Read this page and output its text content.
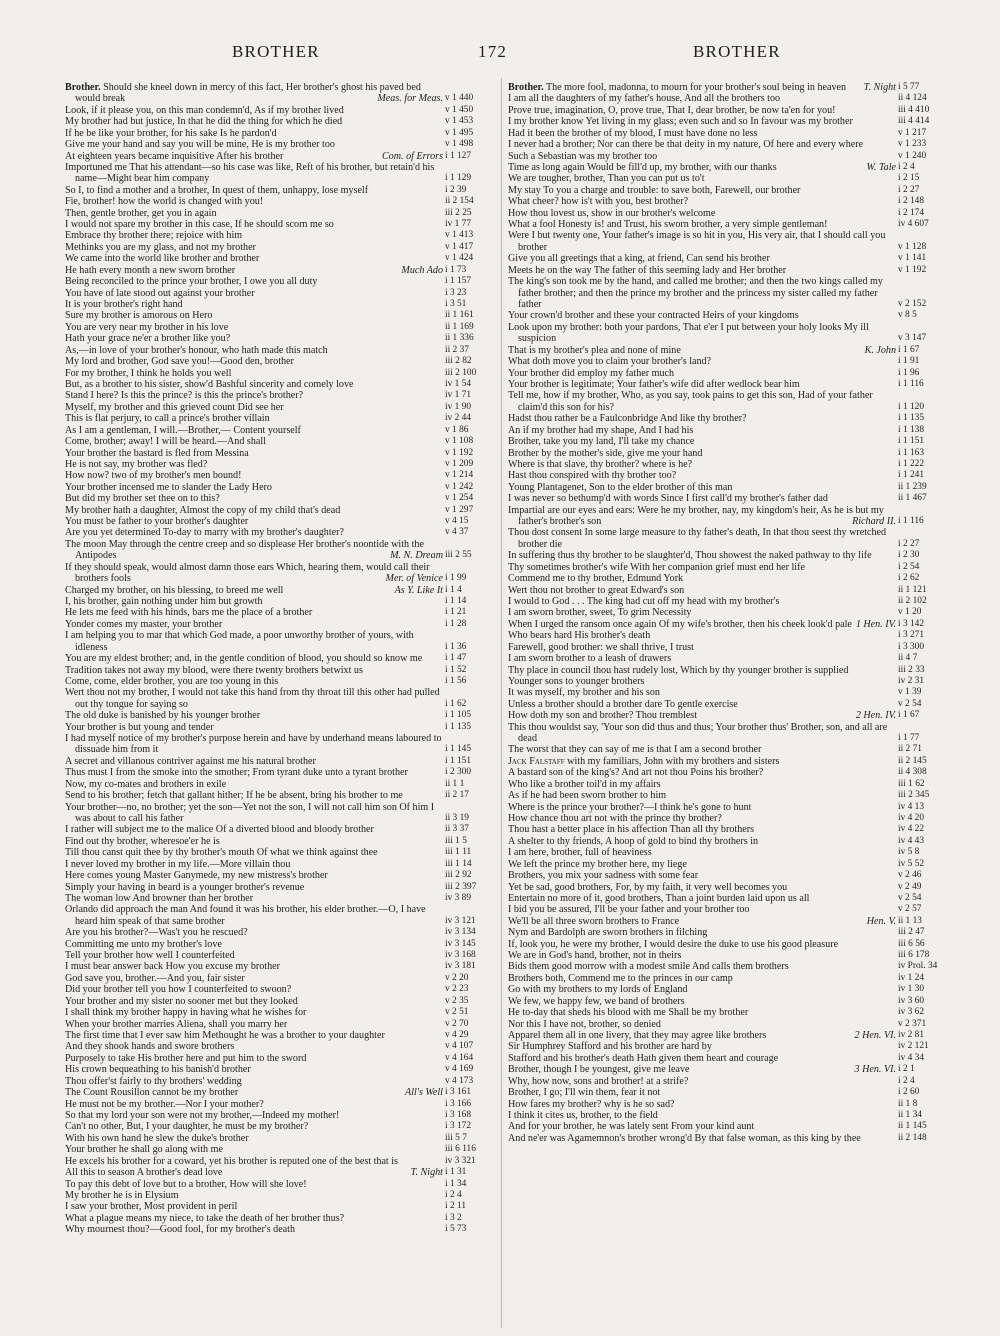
BROTHER	172	BROTHER
Brother. Should she kneel down in mercy of this fact, Her brother's ghost his paved bed would break	Meas. for Meas. v 1 440
Look, if it please you, on this man condemn'd, As if my brother lived	v 1 450
My brother had but justice, In that he did the thing for which he died	v 1 453
If he be like your brother, for his sake Is he pardon'd	v 1 495
Give me your hand and say you will be mine, He is my brother too	v 1 498
At eighteen years became inquisitive After his brother	Com. of Errors i 1 127
Importuned me That his attendant—so his case was like, Reft of his brother, but retain'd his name—Might bear him company	i 1 129
So I, to find a mother and a brother, In quest of them, unhappy, lose myself	i 2 39
Fie, brother! how the world is changed with you!	ii 2 154
Then, gentle brother, get you in again	iii 2 25
I would not spare my brother in this case, If he should scorn me so	iv 1 77
Embrace thy brother there; rejoice with him	v 1 413
Methinks you are my glass, and not my brother	v 1 417
We came into the world like brother and brother	v 1 424
He hath every month a new sworn brother	Much Ado i 1 73
Being reconciled to the prince your brother, I owe you all duty	i 1 157
You have of late stood out against your brother	i 3 23
It is your brother's right hand	i 3 51
Sure my brother is amorous on Hero	ii 1 161
You are very near my brother in his love	ii 1 169
Hath your grace ne'er a brother like you?	ii 1 336
As,—in love of your brother's honour, who hath made this match	ii 2 37
My lord and brother, God save you!—Good den, brother	iii 2 82
For my brother, I think he holds you well	iii 2 100
But, as a brother to his sister, show'd Bashful sincerity and comely love	iv 1 54
Stand I here? Is this the prince? is this the prince's brother?	iv 1 71
Myself, my brother and this grieved count Did see her	iv 1 90
This is flat perjury, to call a prince's brother villain	iv 2 44
As I am a gentleman, I will.—Brother,— Content yourself	v 1 86
Come, brother; away! I will be heard.—And shall	v 1 108
Your brother the bastard is fled from Messina	v 1 192
He is not say, my brother was fled?	v 1 209
How now? two of my brother's men bound!	v 1 214
Your brother incensed me to slander the Lady Hero	v 1 242
But did my brother set thee on to this?	v 1 254
My brother hath a daughter, Almost the copy of my child that's dead	v 1 297
You must be father to your brother's daughter	v 4 15
Are you yet determined To-day to marry with my brother's daughter?	v 4 37
The moon May through the centre creep and so displease Her brother's noontide with the Antipodes	M. N. Dream iii 2 55
If they should speak, would almost damn those ears Which, hearing them, would call their brothers fools	Mer. of Venice i 1 99
Charged my brother, on his blessing, to breed me well	As Y. Like It i 1 4
I, his brother, gain nothing under him but growth	i 1 14
He lets me feed with his hinds, bars me the place of a brother	i 1 21
Yonder comes my master, your brother	i 1 28
I am helping you to mar that which God made, a poor unworthy brother of yours, with idleness	i 1 36
You are my eldest brother; and, in the gentle condition of blood, you should so know me	i 1 47
Tradition takes not away my blood, were there twenty brothers betwixt us	i 1 52
Come, come, elder brother, you are too young in this	i 1 56
Wert thou not my brother, I would not take this hand from thy throat till this other had pulled out thy tongue for saying so	i 1 62
The old duke is banished by his younger brother	i 1 105
Your brother is but young and tender	i 1 135
I had myself notice of my brother's purpose herein and have by underhand means laboured to dissuade him from it	i 1 145
A secret and villanous contriver against me his natural brother	i 1 151
Thus must I from the smoke into the smother; From tyrant duke unto a tyrant brother	i 2 300
Now, my co-mates and brothers in exile	ii 1 1
Send to his brother; fetch that gallant hither; If he be absent, bring his brother to me	ii 2 17
Your brother—no, no brother; yet the son—Yet not the son, I will not call him son Of him I was about to call his father	ii 3 19
I rather will subject me to the malice Of a diverted blood and bloody brother	ii 3 37
Find out thy brother, wheresoe'er he is	iii 1 5
Till thou canst quit thee by thy brother's mouth Of what we think against thee	iii 1 11
I never loved my brother in my life.—More villain thou	iii 1 14
Here comes young Master Ganymede, my new mistress's brother	iii 2 92
Simply your having in beard is a younger brother's revenue	iii 2 397
The woman low And browner than her brother	iv 3 89
Orlando did approach the man And found it was his brother, his elder brother.—O, I have heard him speak of that same brother	iv 3 121
Are you his brother?—Was't you he rescued?	iv 3 134
Committing me unto my brother's love	iv 3 145
Tell your brother how well I counterfeited	iv 3 168
I must bear answer back How you excuse my brother	iv 3 181
God save you, brother.—And you, fair sister	v 2 20
Did your brother tell you how I counterfeited to swoon?	v 2 23
Your brother and my sister no sooner met but they looked	v 2 35
I shall think my brother happy in having what he wishes for	v 2 51
When your brother marries Aliena, shall you marry her	v 2 70
The first time that I ever saw him Methought he was a brother to your daughter	v 4 29
And they shook hands and swore brothers	v 4 107
Purposely to take His brother here and put him to the sword	v 4 164
His crown bequeathing to his banish'd brother	v 4 169
Thou offer'st fairly to thy brothers' wedding	v 4 173
The Count Rousillon cannot be my brother	All's Well i 3 161
He must not be my brother.—Nor I your mother?	i 3 166
So that my lord your son were not my brother,—Indeed my mother!	i 3 168
Can't no other, But, I your daughter, he must be my brother?	i 3 172
With his own hand he slew the duke's brother	iii 5 7
Your brother he shall go along with me	iii 6 116
He excels his brother for a coward, yet his brother is reputed one of the best that is	iv 3 321
All this to season A brother's dead love	T. Night i 1 31
To pay this debt of love but to a brother, How will she love!	i 1 34
My brother he is in Elysium	i 2 4
I saw your brother, Most provident in peril	i 2 11
What a plague means my niece, to take the death of her brother thus?	i 3 2
Why mournest thou?—Good fool, for my brother's death	i 5 73
Brother. The more fool, madonna, to mourn for your brother's soul being in heaven	T. Night i 5 77
I am all the daughters of my father's house, And all the brothers too	ii 4 124
Prove true, imagination, O, prove true, That I, dear brother, be now ta'en for you!	iii 4 410
I my brother know Yet living in my glass; even such and so In favour was my brother	iii 4 414
Had it been the brother of my blood, I must have done no less	v 1 217
I never had a brother; Nor can there be that deity in my nature, Of here and every where	v 1 233
Such a Sebastian was my brother too	v 1 240
Time as long again Would be fill'd up, my brother, with our thanks	W. Tale i 2 4
We are tougher, brother, Than you can put us to't	i 2 15
My stay To you a charge and trouble: to save both, Farewell, our brother	i 2 27
What cheer? how is't with you, best brother?	i 2 148
How thou lovest us, show in our brother's welcome	i 2 174
What a fool Honesty is! and Trust, his sworn brother, a very simple gentleman!	iv 4 607
Were I but twenty one, Your father's image is so hit in you, His very air, that I should call you brother	v 1 128
Give you all greetings that a king, at friend, Can send his brother	v 1 141
Meets he on the way The father of this seeming lady and Her brother	v 1 192
The king's son took me by the hand, and called me brother; and then the two kings called my father brother; and then the prince my brother and the princess my sister called my father father	v 2 152
Your crown'd brother and these your contracted Heirs of your kingdoms	v 8 5
Look upon my brother: both your pardons, That e'er I put between your holy looks My ill suspicion	v 3 147
That is my brother's plea and none of mine	K. John i 1 67
What doth move you to claim your brother's land?	i 1 91
Your brother did employ my father much	i 1 96
Your brother is legitimate; Your father's wife did after wedlock bear him	i 1 116
Tell me, how if my brother, Who, as you say, took pains to get this son, Had of your father claim'd this son for his?	i 1 120
Hadst thou rather be a Faulconbridge And like thy brother?	i 1 135
An if my brother had my shape, And I had his	i 1 138
Brother, take you my land, I'll take my chance	i 1 151
Brother by the mother's side, give me your hand	i 1 163
Where is that slave, thy brother? where is he?	i 1 222
Hast thou conspired with thy brother too?	i 1 241
Young Plantagenet, Son to the elder brother of this man	ii 1 239
I was never so bethump'd with words Since I first call'd my brother's father dad	ii 1 467
Impartial are our eyes and ears: Were he my brother, nay, my kingdom's heir, As he is but my father's brother's son	Richard II. i 1 116
Thou dost consent In some large measure to thy father's death, In that thou seest thy wretched brother die	i 2 27
In suffering thus thy brother to be slaughter'd, Thou showest the naked pathway to thy life	i 2 30
Thy sometimes brother's wife With her companion grief must end her life	i 2 54
Commend me to thy brother, Edmund York	i 2 62
Wert thou not brother to great Edward's son	ii 1 121
I would to God . . . The king had cut off my head with my brother's	ii 2 102
I am sworn brother, sweet, To grim Necessity	v 1 20
When I urged the ransom once again Of my wife's brother, then his cheek look'd pale 1 Hen. IV. i 3 142
Who bears hard His brother's death	i 3 271
Farewell, good brother: we shall thrive, I trust	i 3 300
I am sworn brother to a leash of drawers	ii 4 7
Thy place in council thou hast rudely lost, Which by thy younger brother is supplied	iii 2 33
Younger sons to younger brothers	iv 2 31
It was myself, my brother and his son	v 1 39
Unless a brother should a brother dare To gentle exercise	v 2 54
How doth my son and brother? Thou tremblest	2 Hen. IV. i 1 67
This thou wouldst say, 'Your son did thus and thus; Your brother thus' Brother, son, and all are dead	i 1 77
The worst that they can say of me is that I am a second brother	ii 2 71
Jack Falstaff with my familiars, John with my brothers and sisters	ii 2 145
A bastard son of the king's? And art not thou Poins his brother?	ii 4 308
Who like a brother toil'd in my affairs	iii 1 62
As if he had been sworn brother to him	iii 2 345
Where is the prince your brother?—I think he's gone to hunt	iv 4 13
How chance thou art not with the prince thy brother?	iv 4 20
Thou hast a better place in his affection Than all thy brothers	iv 4 22
A shelter to thy friends, A hoop of gold to bind thy brothers in	iv 4 43
I am here, brother, full of heaviness	iv 5 8
We left the prince my brother here, my liege	iv 5 52
Brothers, you mix your sadness with some fear	v 2 46
Yet be sad, good brothers, For, by my faith, it very well becomes you	v 2 49
Entertain no more of it, good brothers, Than a joint burden laid upon us all	v 2 54
I bid you be assured, I'll be your father and your brother too	v 2 57
We'll be all three sworn brothers to France	Hen. V. ii 1 13
Nym and Bardolph are sworn brothers in filching	iii 2 47
If, look you, he were my brother, I would desire the duke to use his good pleasure	iii 6 56
We are in God's hand, brother, not in theirs	iii 6 178
Bids them good morrow with a modest smile And calls them brothers	iv Prol. 34
Brothers both, Commend me to the princes in our camp	iv 1 24
Go with my brothers to my lords of England	iv 1 30
We few, we happy few, we band of brothers	iv 3 60
He to-day that sheds his blood with me Shall be my brother	iv 3 62
Nor this I have not, brother, so denied	v 2 371
Apparel them all in one livery, that they may agree like brothers	2 Hen. VI. iv 2 81
Sir Humphrey Stafford and his brother are hard by	iv 2 121
Stafford and his brother's death Hath given them heart and courage	iv 4 34
Brother, though I be youngest, give me leave	3 Hen. VI. i 2 1
Why, how now, sons and brother! at a strife?	i 2 4
Brother, I go; I'll win them, fear it not	i 2 60
How fares my brother? why is he so sad?	ii 1 8
I think it cites us, brother, to the field	ii 1 34
And for your brother, he was lately sent From your kind aunt	ii 1 145
And ne'er was Agamemnon's brother wrong'd By that false woman, as this king by thee	ii 2 148
